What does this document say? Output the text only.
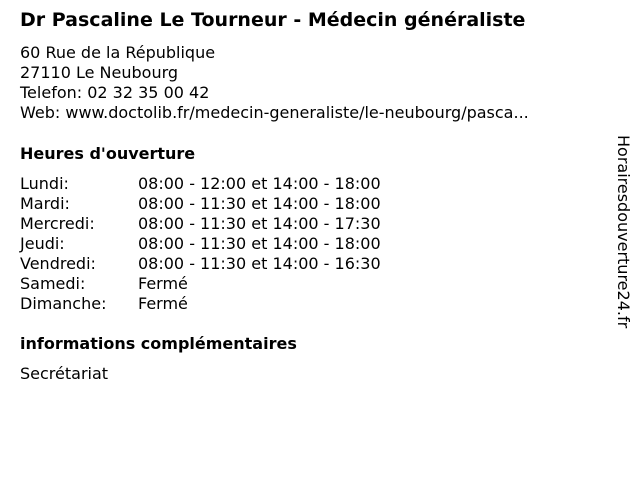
Dr Pascaline Le Tourneur - Médecin généraliste
60 Rue de la République
27110 Le Neubourg
Telefon: 02 32 35 00 42
Web: www.doctolib.fr/medecin-generaliste/le-neubourg/pasca...
Heures d'ouverture
Lundi:	08:00 - 12:00 et 14:00 - 18:00
Mardi:	08:00 - 11:30 et 14:00 - 18:00
Mercredi:	08:00 - 11:30 et 14:00 - 17:30
Jeudi:	08:00 - 11:30 et 14:00 - 18:00
Vendredi:	08:00 - 11:30 et 14:00 - 16:30
Samedi:	Fermé
Dimanche:	Fermé
informations complémentaires
Secrétariat
Horairesdouverture24.fr
